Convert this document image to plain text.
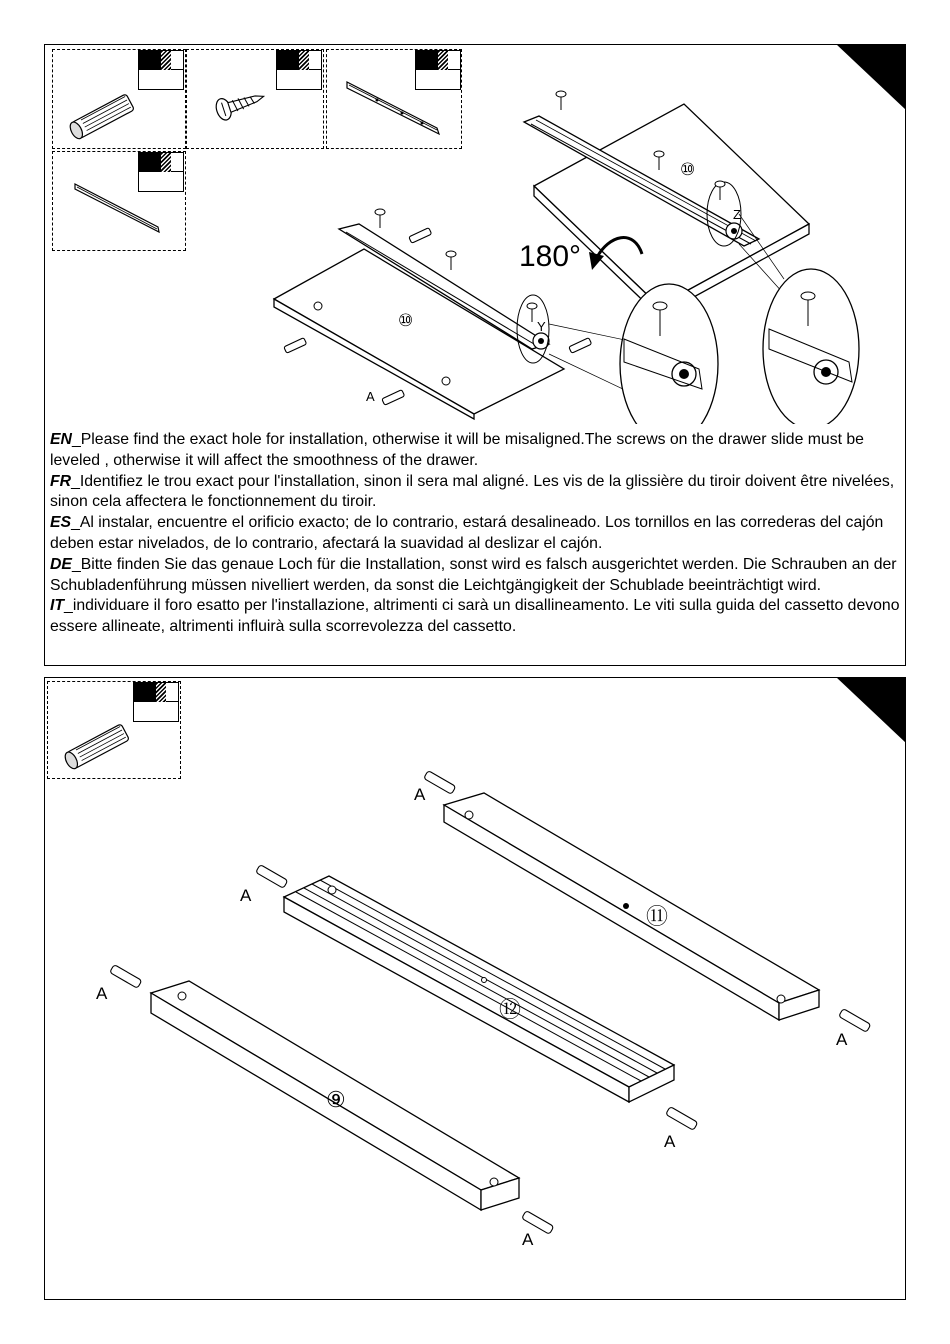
⑩
Z
180°
⑩	Y
A

EN_Please find the exact hole for installation, otherwise it will be misaligned.The screws on the drawer slide must be leveled , otherwise it will affect the smoothness of the drawer.

FR_Identifiez le trou exact pour l'installation, sinon il sera mal aligné. Les vis de la glissière du tiroir doivent être nivelées, sinon cela affectera le fonctionnement du tiroir.

ES_Al instalar, encuentre el orificio exacto; de lo contrario, estará desalineado. Los tornillos en las correderas del cajón deben estar nivelados, de lo contrario, afectará la suavidad al deslizar el cajón.

DE_Bitte finden Sie das genaue Loch für die Installation, sonst wird es falsch ausgerichtet werden. Die Schrauben an der Schubladenführung müssen nivelliert werden, da sonst die Leichtgängigkeit der Schublade beeinträchtigt wird.

IT_individuare il foro esatto per l'installazione, altrimenti ci sarà un disallineamento. Le viti sulla guida del cassetto devono essere allineate, altrimenti influirà sulla scorrevolezza del cassetto.

⑪
⑫
⑨
A
A
A
A
A
A
